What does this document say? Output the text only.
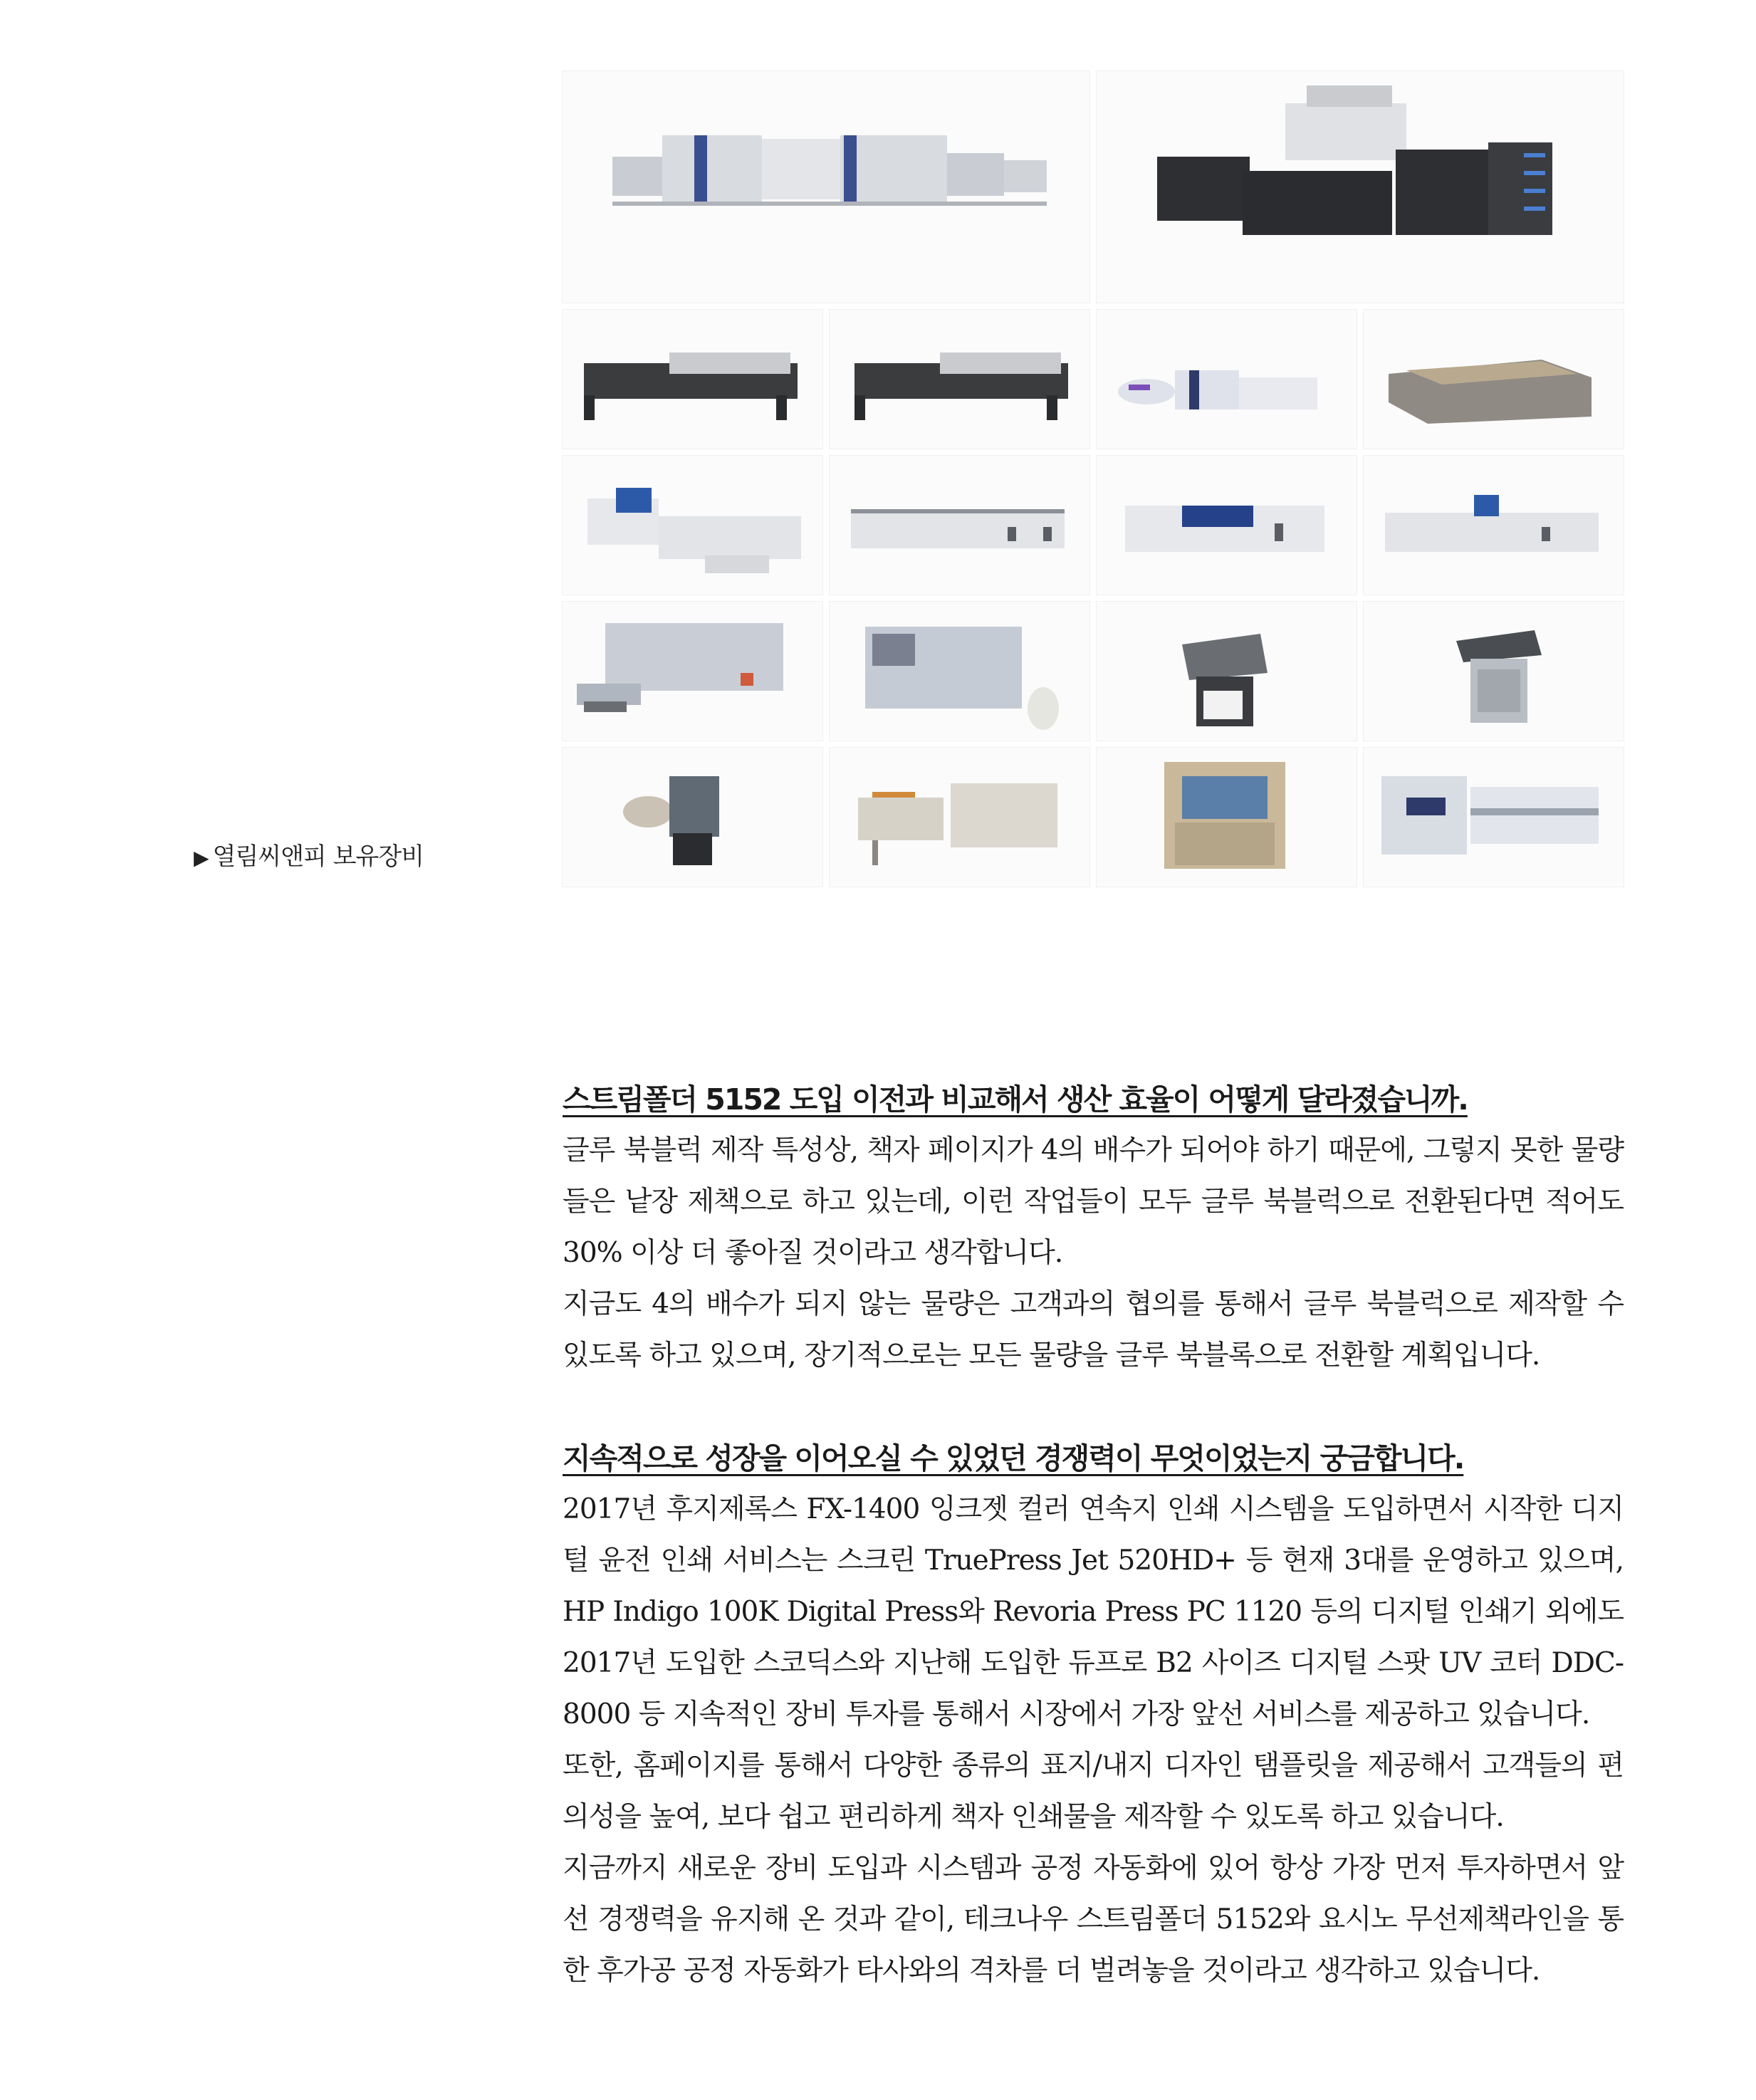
▶ 열림씨앤피 보유장비
스트림폴더 5152 도입 이전과 비교해서 생산 효율이 어떻게 달라졌습니까.

글루 북블럭 제작 특성상, 책자 페이지가 4의 배수가 되어야 하기 때문에, 그렇지 못한 물량들은 낱장 제책으로 하고 있는데, 이런 작업들이 모두 글루 북블럭으로 전환된다면 적어도 30% 이상 더 좋아질 것이라고 생각합니다.

지금도 4의 배수가 되지 않는 물량은 고객과의 협의를 통해서 글루 북블럭으로 제작할 수 있도록 하고 있으며, 장기적으로는 모든 물량을 글루 북블록으로 전환할 계획입니다.

지속적으로 성장을 이어오실 수 있었던 경쟁력이 무엇이었는지 궁금합니다.

2017년 후지제록스 FX-1400 잉크젯 컬러 연속지 인쇄 시스템을 도입하면서 시작한 디지털 윤전 인쇄 서비스는 스크린 TruePress Jet 520HD+ 등 현재 3대를 운영하고 있으며, HP Indigo 100K Digital Press와 Revoria Press PC 1120 등의 디지털 인쇄기 외에도 2017년 도입한 스코딕스와 지난해 도입한 듀프로 B2 사이즈 디지털 스팟 UV 코터 DDC-8000 등 지속적인 장비 투자를 통해서 시장에서 가장 앞선 서비스를 제공하고 있습니다.

또한, 홈페이지를 통해서 다양한 종류의 표지/내지 디자인 탬플릿을 제공해서 고객들의 편의성을 높여, 보다 쉽고 편리하게 책자 인쇄물을 제작할 수 있도록 하고 있습니다.

지금까지 새로운 장비 도입과 시스템과 공정 자동화에 있어 항상 가장 먼저 투자하면서 앞선 경쟁력을 유지해 온 것과 같이, 테크나우 스트림폴더 5152와 요시노 무선제책라인을 통한 후가공 공정 자동화가 타사와의 격차를 더 벌려놓을 것이라고 생각하고 있습니다.
